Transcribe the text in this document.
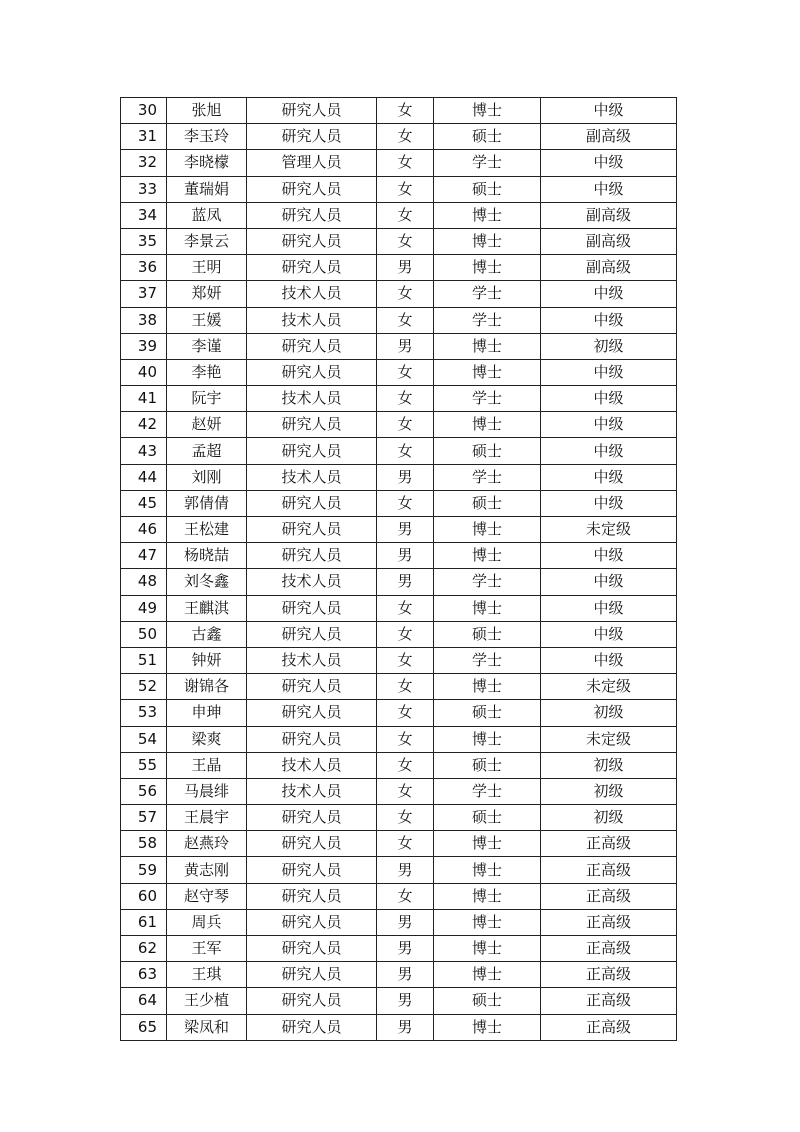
30	张旭	研究人员	女	博士	中级
31	李玉玲	研究人员	女	硕士	副高级
32	李晓檬	管理人员	女	学士	中级
33	董瑞娟	研究人员	女	硕士	中级
34	蓝凤	研究人员	女	博士	副高级
35	李景云	研究人员	女	博士	副高级
36	王明	研究人员	男	博士	副高级
37	郑妍	技术人员	女	学士	中级
38	王媛	技术人员	女	学士	中级
39	李谨	研究人员	男	博士	初级
40	李艳	研究人员	女	博士	中级
41	阮宇	技术人员	女	学士	中级
42	赵妍	研究人员	女	博士	中级
43	孟超	研究人员	女	硕士	中级
44	刘刚	技术人员	男	学士	中级
45	郭倩倩	研究人员	女	硕士	中级
46	王松建	研究人员	男	博士	未定级
47	杨晓喆	研究人员	男	博士	中级
48	刘冬鑫	技术人员	男	学士	中级
49	王麒淇	研究人员	女	博士	中级
50	古鑫	研究人员	女	硕士	中级
51	钟妍	技术人员	女	学士	中级
52	谢锦各	研究人员	女	博士	未定级
53	申珅	研究人员	女	硕士	初级
54	梁爽	研究人员	女	博士	未定级
55	王晶	技术人员	女	硕士	初级
56	马晨绯	技术人员	女	学士	初级
57	王晨宇	研究人员	女	硕士	初级
58	赵燕玲	研究人员	女	博士	正高级
59	黄志刚	研究人员	男	博士	正高级
60	赵守琴	研究人员	女	博士	正高级
61	周兵	研究人员	男	博士	正高级
62	王军	研究人员	男	博士	正高级
63	王琪	研究人员	男	博士	正高级
64	王少植	研究人员	男	硕士	正高级
65	梁凤和	研究人员	男	博士	正高级
